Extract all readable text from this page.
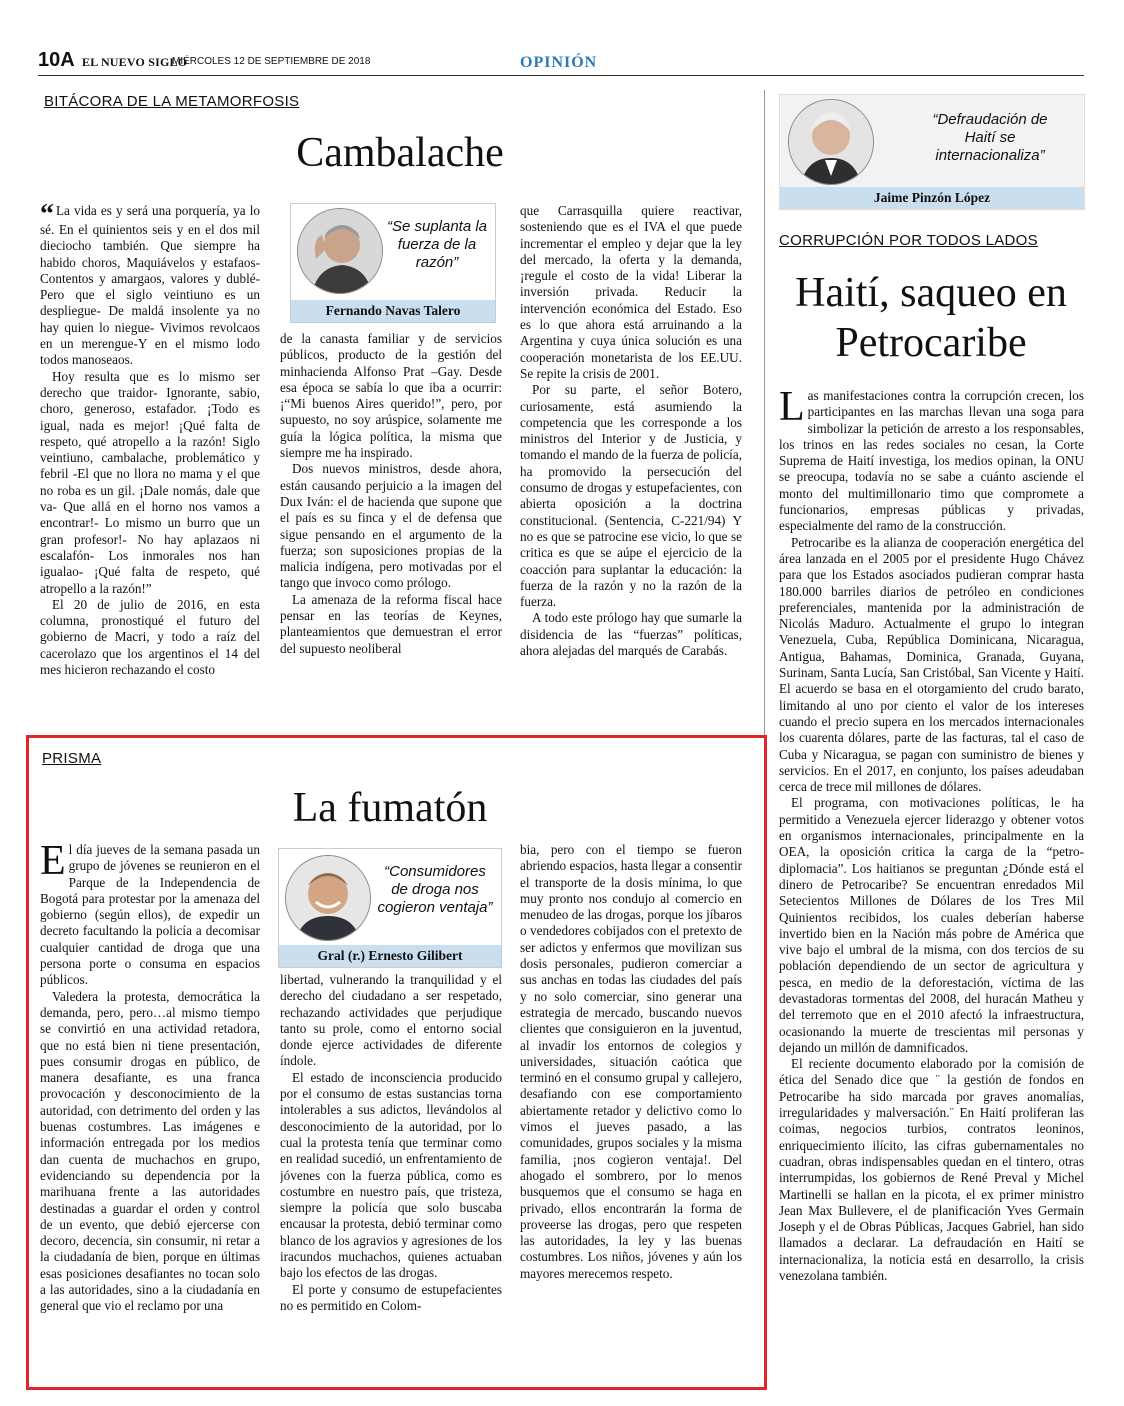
10A EL NUEVO SIGLO
MIÉRCOLES 12 DE SEPTIEMBRE DE 2018	OPINIÓN
BITÁCORA DE LA METAMORFOSIS
Cambalache

“ La vida es y será una porquería, ya lo sé. En el quinientos seis y en el dos mil dieciocho también. Que siempre ha habido choros, Maquiávelos y estafaos- Contentos y amargaos, valores y dublé- Pero que el siglo veintiuno es un despliegue- De maldá insolente ya no hay quien lo niegue- Vivimos revolcaos en un merengue-Y en el mismo lodo todos manoseaos.

Hoy resulta que es lo mismo ser derecho que traidor- Ignorante, sabio, choro, generoso, estafador. ¡Todo es igual, nada es mejor! ¡Qué falta de respeto, qué atropello a la razón! Siglo veintiuno, cambalache, problemático y febril -El que no llora no mama y el que no roba es un gil. ¡Dale nomás, dale que va- Que allá en el horno nos vamos a encontrar!- Lo mismo un burro que un gran profesor!- No hay aplazaos ni escalafón- Los inmorales nos han igualao- ¡Qué falta de respeto, qué atropello a la razón!”

El 20 de julio de 2016, en esta columna, pronostiqué el futuro del gobierno de Macri, y todo a raíz del cacerolazo que los argentinos el 14 del mes hicieron rechazando el costo

“Se suplanta la fuerza de la razón”
Fernando Navas Talero

de la canasta familiar y de servicios públicos, producto de la gestión del minhacienda Alfonso Prat –Gay. Desde esa época se sabía lo que iba a ocurrir: ¡“Mi buenos Aires querido!”, pero, por supuesto, no soy arúspice, solamente me guía la lógica política, la misma que siempre me ha inspirado.

Dos nuevos ministros, desde ahora, están causando perjuicio a la imagen del Dux Iván: el de hacienda que supone que el país es su finca y el de defensa que sigue pensando en el argumento de la fuerza; son suposiciones propias de la malicia indígena, pero motivadas por el tango que invoco como prólogo.

La amenaza de la reforma fiscal hace pensar en las teorías de Keynes, planteamientos que demuestran el error del supuesto neoliberal

que Carrasquilla quiere reactivar, sosteniendo que es el IVA el que puede incrementar el empleo y dejar que la ley del mercado, la oferta y la demanda, ¡regule el costo de la vida! Liberar la inversión privada. Reducir la intervención económica del Estado. Eso es lo que ahora está arruinando a la Argentina y cuya única solución es una cooperación monetarista de los EE.UU. Se repite la crisis de 2001.

Por su parte, el señor Botero, curiosamente, está asumiendo la competencia que les corresponde a los ministros del Interior y de Justicia, y tomando el mando de la fuerza de policía, ha promovido la persecución del consumo de drogas y estupefacientes, con abierta oposición a la doctrina constitucional. (Sentencia, C-221/94) Y no es que se patrocine ese vicio, lo que se critica es que se aúpe el ejercicio de la coacción para suplantar la educación: la fuerza de la razón y no la razón de la fuerza.

A todo este prólogo hay que sumarle la disidencia de las “fuerzas” políticas, ahora alejadas del marqués de Carabás.

“Defraudación de Haití se internacionaliza”
Jaime Pinzón López
CORRUPCIÓN POR TODOS LADOS
Haití, saqueo en Petrocaribe

Las manifestaciones contra la corrupción crecen, los participantes en las marchas llevan una soga para simbolizar la petición de arresto a los responsables, los trinos en las redes sociales no cesan, la Corte Suprema de Haití investiga, los medios opinan, la ONU se preocupa, todavía no se sabe a cuánto asciende el monto del multimillonario timo que compromete a funcionarios, empresas públicas y privadas, especialmente del ramo de la construcción.

Petrocaribe es la alianza de cooperación energética del área lanzada en el 2005 por el presidente Hugo Chávez para que los Estados asociados pudieran comprar hasta 180.000 barriles diarios de petróleo en condiciones preferenciales, mantenida por la administración de Nicolás Maduro. Actualmente el grupo lo integran Venezuela, Cuba, República Dominicana, Nicaragua, Antigua, Bahamas, Dominica, Granada, Guyana, Surinam, Santa Lucía, San Cristóbal, San Vicente y Haití. El acuerdo se basa en el otorgamiento del crudo barato, limitando al uno por ciento el valor de los intereses cuando el precio supera en los mercados internacionales los cuarenta dólares, parte de las facturas, tal el caso de Cuba y Nicaragua, se pagan con suministro de bienes y servicios. En el 2017, en conjunto, los países adeudaban cerca de trece mil millones de dólares.

El programa, con motivaciones políticas, le ha permitido a Venezuela ejercer liderazgo y obtener votos en organismos internacionales, principalmente en la OEA, la oposición critica la carga de la “petro-diplomacia”. Los haitianos se preguntan ¿Dónde está el dinero de Petrocaribe? Se encuentran enredados Mil Setecientos Millones de Dólares de los Tres Mil Quinientos recibidos, los cuales deberían haberse invertido bien en la Nación más pobre de América que vive bajo el umbral de la misma, con dos tercios de su población dependiendo de un sector de agricultura y pesca, en medio de la deforestación, víctima de las devastadoras tormentas del 2008, del huracán Matheu y del terremoto que en el 2010 afectó la infraestructura, ocasionando la muerte de trescientas mil personas y dejando un millón de damnificados.

El reciente documento elaborado por la comisión de ética del Senado dice que ¨ la gestión de fondos en Petrocaribe ha sido marcada por graves anomalías, irregularidades y malversación.¨ En Haití proliferan las coimas, negocios turbios, contratos leoninos, enriquecimiento ilícito, las cifras gubernamentales no cuadran, obras indispensables quedan en el tintero, otras interrumpidas, los gobiernos de René Preval y Michel Martinelli se hallan en la picota, el ex primer ministro Jean Max Bullevere, el de planificación Yves Germain Joseph y el de Obras Públicas, Jacques Gabriel, han sido llamados a declarar. La defraudación en Haití se internacionaliza, la noticia está en desarrollo, la crisis venezolana también.

PRISMA
La fumatón

El día jueves de la semana pasada un grupo de jóvenes se reunieron en el Parque de la Independencia de Bogotá para protestar por la amenaza del gobierno (según ellos), de expedir un decreto facultando la policía a decomisar cualquier cantidad de droga que una persona porte o consuma en espacios públicos.

Valedera la protesta, democrática la demanda, pero, pero…al mismo tiempo se convirtió en una actividad retadora, que no está bien ni tiene presentación, pues consumir drogas en público, de manera desafiante, es una franca provocación y desconocimiento de la autoridad, con detrimento del orden y las buenas costumbres. Las imágenes e información entregada por los medios dan cuenta de muchachos en grupo, evidenciando su dependencia por la marihuana frente a las autoridades destinadas a guardar el orden y control de un evento, que debió ejercerse con decoro, decencia, sin consumir, ni retar a la ciudadanía de bien, porque en últimas esas posiciones desafiantes no tocan solo a las autoridades, sino a la ciudadanía en general que vio el reclamo por una

“Consumidores de droga nos cogieron ventaja”
Gral (r.) Ernesto Gilibert

libertad, vulnerando la tranquilidad y el derecho del ciudadano a ser respetado, rechazando actividades que perjudique tanto su prole, como el entorno social donde ejerce actividades de diferente índole.

El estado de inconsciencia producido por el consumo de estas sustancias torna intolerables a sus adictos, llevándolos al desconocimiento de la autoridad, por lo cual la protesta tenía que terminar como en realidad sucedió, un enfrentamiento de jóvenes con la fuerza pública, como es costumbre en nuestro país, que tristeza, siempre la policía que solo buscaba encausar la protesta, debió terminar como blanco de los agravios y agresiones de los iracundos muchachos, quienes actuaban bajo los efectos de las drogas.

El porte y consumo de estupefacientes no es permitido en Colom-

bia, pero con el tiempo se fueron abriendo espacios, hasta llegar a consentir el transporte de la dosis mínima, lo que muy pronto nos condujo al comercio en menudeo de las drogas, porque los jíbaros o vendedores cobijados con el pretexto de ser adictos y enfermos que movilizan sus dosis personales, pudieron comerciar a sus anchas en todas las ciudades del país y no solo comerciar, sino generar una estrategia de mercado, buscando nuevos clientes que consiguieron en la juventud, al invadir los entornos de colegios y universidades, situación caótica que terminó en el consumo grupal y callejero, desafiando con ese comportamiento abiertamente retador y delictivo como lo vimos el jueves pasado, a las comunidades, grupos sociales y la misma familia, ¡nos cogieron ventaja!. Del ahogado el sombrero, por lo menos busquemos que el consumo se haga en privado, ellos encontrarán la forma de proveerse las drogas, pero que respeten las autoridades, la ley y las buenas costumbres. Los niños, jóvenes y aún los mayores merecemos respeto.
